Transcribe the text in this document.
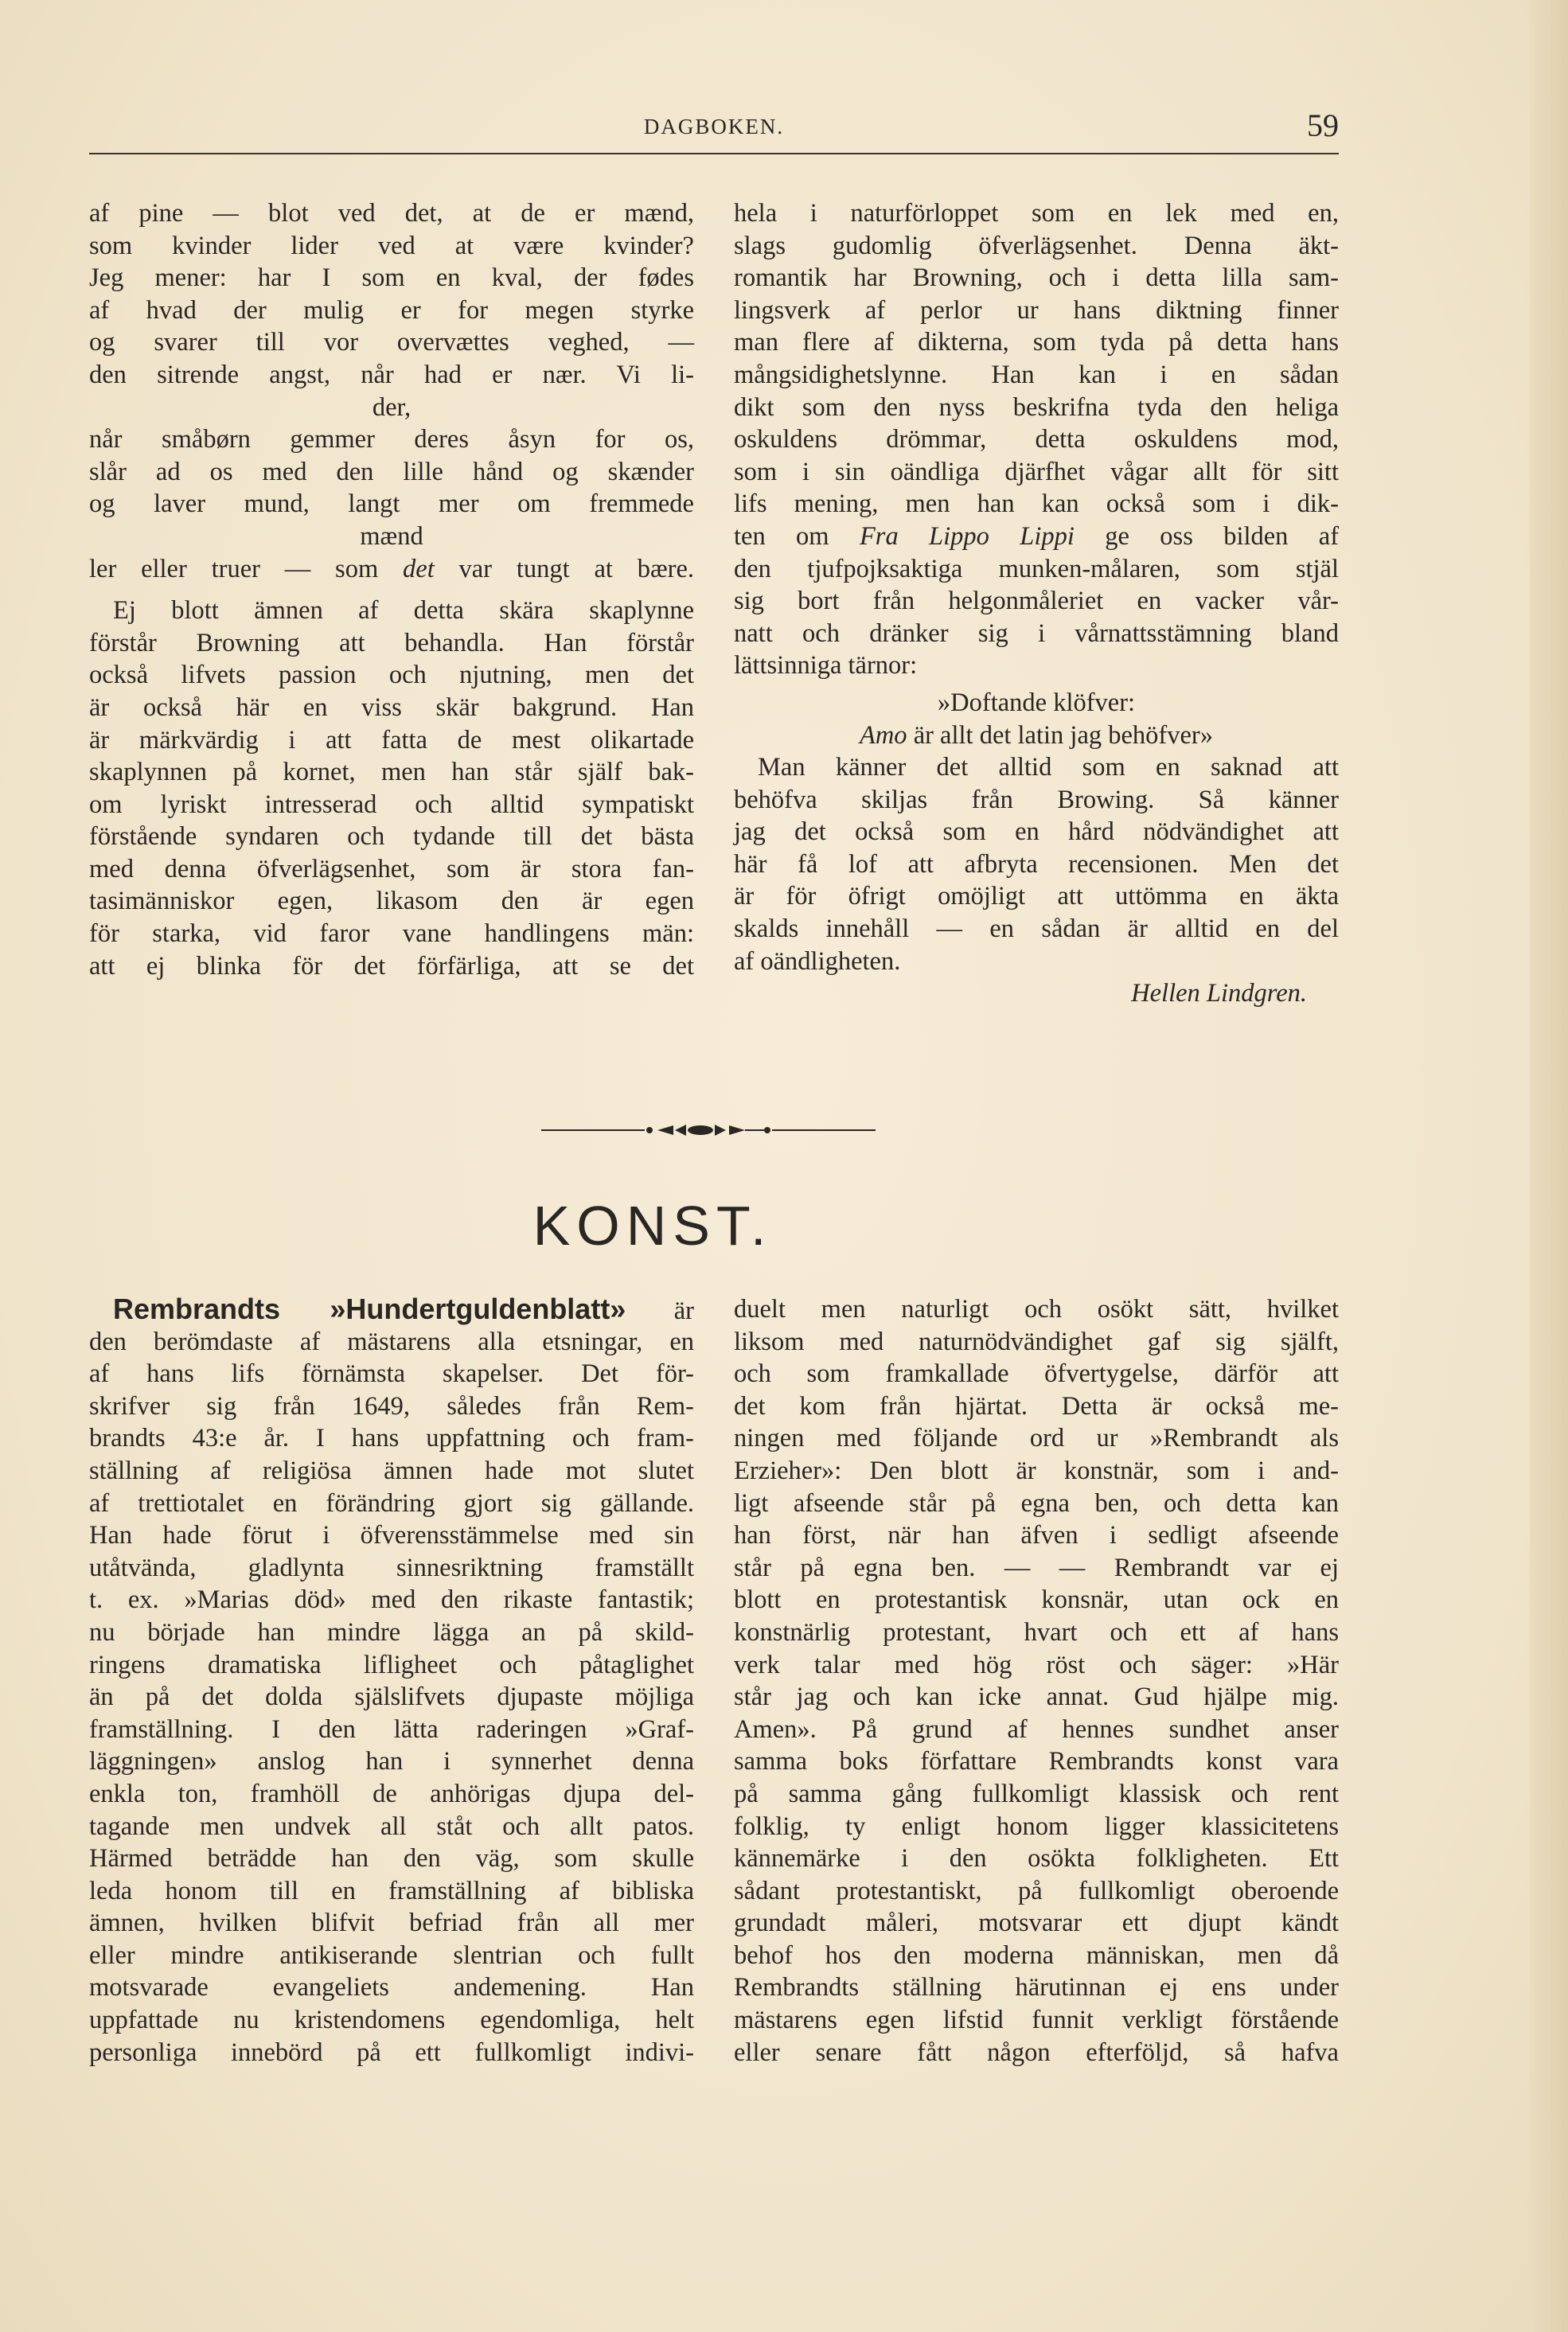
DAGBOKEN.	59
af pine — blot ved det, at de er mænd,
som kvinder lider ved at være kvinder?
Jeg mener: har I som en kval, der fødes
af hvad der mulig er for megen styrke
og svarer till vor overvættes veghed, —
den sitrende angst, når had er nær. Vi li-
der,
når småbørn gemmer deres åsyn for os,
slår ad os med den lille hånd og skænder
og laver mund, langt mer om fremmede
mænd
ler eller truer — som det var tungt at bære.
Ej blott ämnen af detta skära skaplynne
förstår Browning att behandla. Han förstår
också lifvets passion och njutning, men det
är också här en viss skär bakgrund. Han
är märkvärdig i att fatta de mest olikartade
skaplynnen på kornet, men han står själf bak-
om lyriskt intresserad och alltid sympatiskt
förstående syndaren och tydande till det bästa
med denna öfverlägsenhet, som är stora fan-
tasimänniskor egen, likasom den är egen
för starka, vid faror vane handlingens män:
att ej blinka för det förfärliga, att se det
hela i naturförloppet som en lek med en,
slags gudomlig öfverlägsenhet. Denna äkt-
romantik har Browning, och i detta lilla sam-
lingsverk af perlor ur hans diktning finner
man flere af dikterna, som tyda på detta hans
mångsidighetslynne. Han kan i en sådan
dikt som den nyss beskrifna tyda den heliga
oskuldens drömmar, detta oskuldens mod,
som i sin oändliga djärfhet vågar allt för sitt
lifs mening, men han kan också som i dik-
ten om Fra Lippo Lippi ge oss bilden af
den tjufpojksaktiga munken-målaren, som stjäl
sig bort från helgonmåleriet en vacker vår-
natt och dränker sig i vårnattsstämning bland
lättsinniga tärnor:
»Doftande klöfver:
Amo är allt det latin jag behöfver»
Man känner det alltid som en saknad att
behöfva skiljas från Browing. Så känner
jag det också som en hård nödvändighet att
här få lof att afbryta recensionen. Men det
är för öfrigt omöjligt att uttömma en äkta
skalds innehåll — en sådan är alltid en del
af oändligheten.
Hellen Lindgren.
KONST.
Rembrandts »Hundertguldenblatt» är
den berömdaste af mästarens alla etsningar, en
af hans lifs förnämsta skapelser. Det för-
skrifver sig från 1649, således från Rem-
brandts 43:e år. I hans uppfattning och fram-
ställning af religiösa ämnen hade mot slutet
af trettiotalet en förändring gjort sig gällande.
Han hade förut i öfverensstämmelse med sin
utåtvända, gladlynta sinnesriktning framställt
t. ex. »Marias död» med den rikaste fantastik;
nu började han mindre lägga an på skild-
ringens dramatiska lifligheet och påtaglighet
än på det dolda själslifvets djupaste möjliga
framställning. I den lätta raderingen »Graf-
läggningen» anslog han i synnerhet denna
enkla ton, framhöll de anhörigas djupa del-
tagande men undvek all ståt och allt patos.
Härmed beträdde han den väg, som skulle
leda honom till en framställning af bibliska
ämnen, hvilken blifvit befriad från all mer
eller mindre antikiserande slentrian och fullt
motsvarade evangeliets andemening. Han
uppfattade nu kristendomens egendomliga, helt
personliga innebörd på ett fullkomligt indivi-
duelt men naturligt och osökt sätt, hvilket
liksom med naturnödvändighet gaf sig själft,
och som framkallade öfvertygelse, därför att
det kom från hjärtat. Detta är också me-
ningen med följande ord ur »Rembrandt als
Erzieher»: Den blott är konstnär, som i and-
ligt afseende står på egna ben, och detta kan
han först, när han äfven i sedligt afseende
står på egna ben. — — Rembrandt var ej
blott en protestantisk konsnär, utan ock en
konstnärlig protestant, hvart och ett af hans
verk talar med hög röst och säger: »Här
står jag och kan icke annat. Gud hjälpe mig.
Amen». På grund af hennes sundhet anser
samma boks författare Rembrandts konst vara
på samma gång fullkomligt klassisk och rent
folklig, ty enligt honom ligger klassicitetens
kännemärke i den osökta folkligheten. Ett
sådant protestantiskt, på fullkomligt oberoende
grundadt måleri, motsvarar ett djupt kändt
behof hos den moderna människan, men då
Rembrandts ställning härutinnan ej ens under
mästarens egen lifstid funnit verkligt förstående
eller senare fått någon efterföljd, så hafva
